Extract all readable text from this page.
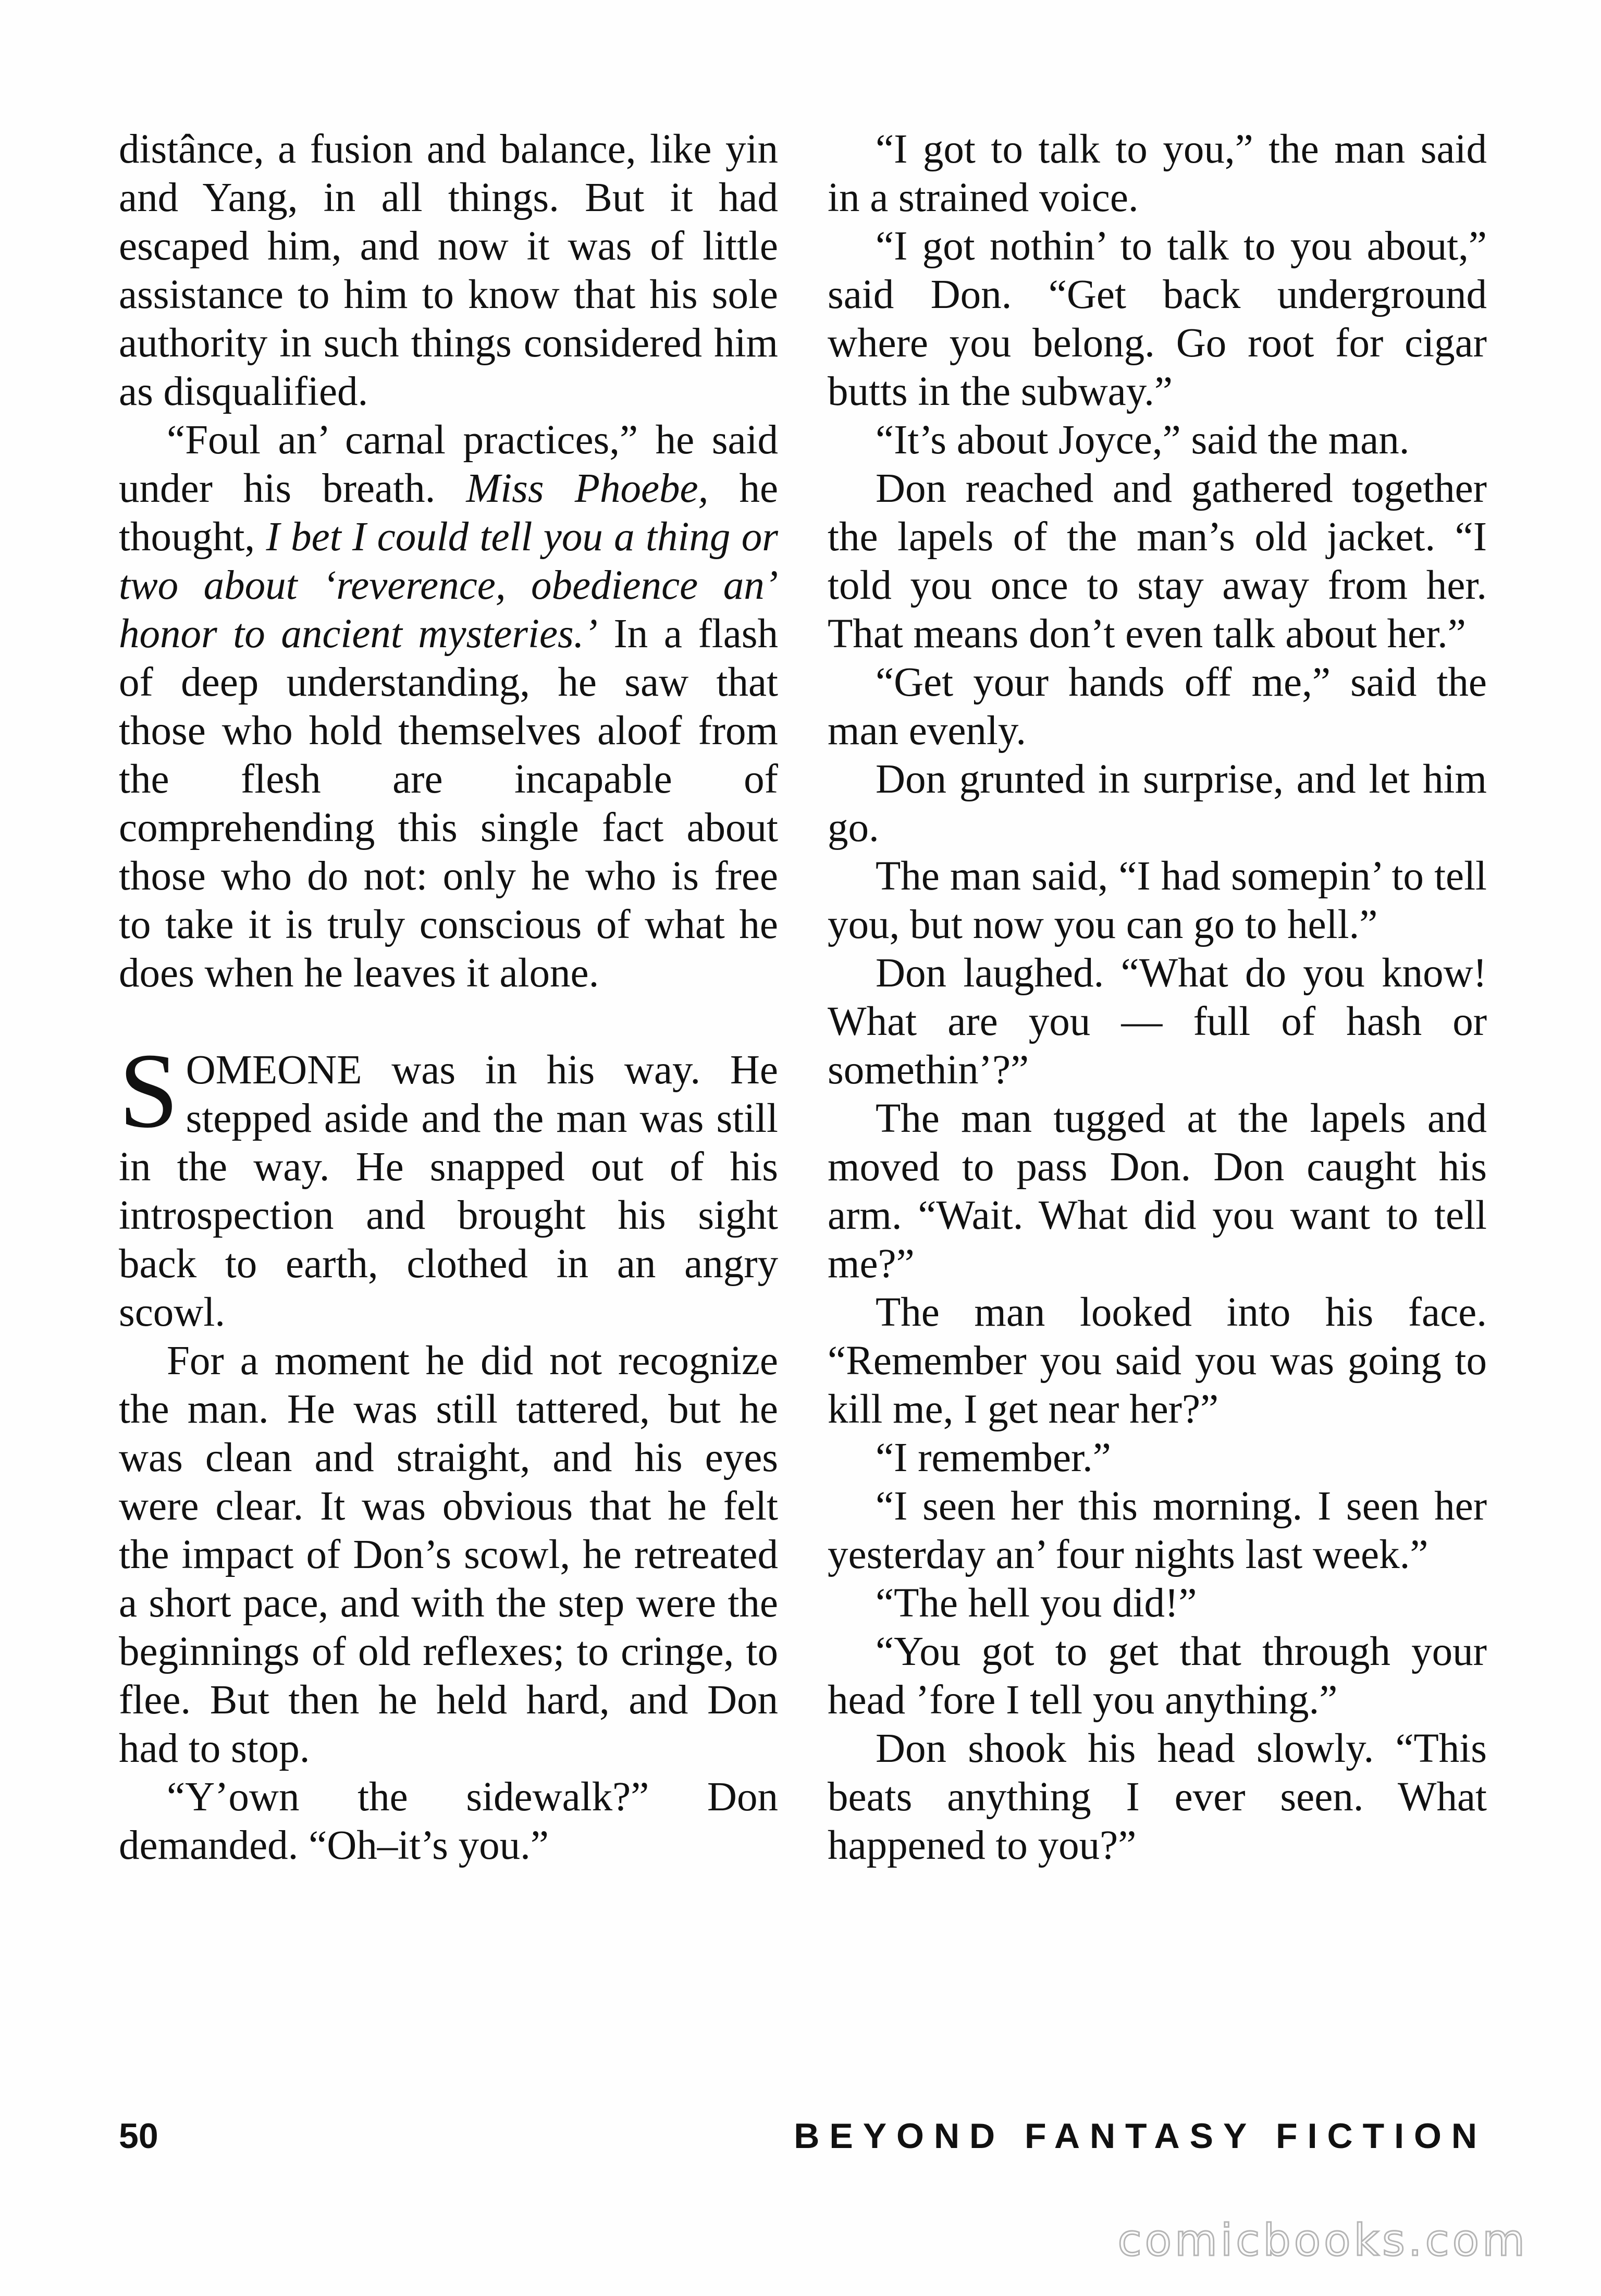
distânce, a fusion and balance, like yin and Yang, in all things. But it had escaped him, and now it was of little assistance to him to know that his sole authority in such things considered him as disqualified.

“Foul an’ carnal practices,” he said under his breath. Miss Phoebe, he thought, I bet I could tell you a thing or two about ‘reverence, obedience an’ honor to ancient mysteries.’ In a flash of deep understanding, he saw that those who hold themselves aloof from the flesh are incapable of comprehending this single fact about those who do not: only he who is free to take it is truly conscious of what he does when he leaves it alone.

SOMEONE was in his way. He stepped aside and the man was still in the way. He snapped out of his introspection and brought his sight back to earth, clothed in an angry scowl.

For a moment he did not recognize the man. He was still tattered, but he was clean and straight, and his eyes were clear. It was obvious that he felt the impact of Don’s scowl, he retreated a short pace, and with the step were the beginnings of old reflexes; to cringe, to flee. But then he held hard, and Don had to stop.

“Y’own the sidewalk?” Don demanded. “Oh–it’s you.”

“I got to talk to you,” the man said in a strained voice.

“I got nothin’ to talk to you about,” said Don. “Get back underground where you belong. Go root for cigar butts in the subway.”

“It’s about Joyce,” said the man.

Don reached and gathered together the lapels of the man’s old jacket. “I told you once to stay away from her. That means don’t even talk about her.”

“Get your hands off me,” said the man evenly.

Don grunted in surprise, and let him go.

The man said, “I had somepin’ to tell you, but now you can go to hell.”

Don laughed. “What do you know! What are you — full of hash or somethin’?”

The man tugged at the lapels and moved to pass Don. Don caught his arm. “Wait. What did you want to tell me?”

The man looked into his face. “Remember you said you was going to kill me, I get near her?”

“I remember.”

“I seen her this morning. I seen her yesterday an’ four nights last week.”

“The hell you did!”

“You got to get that through your head ’fore I tell you anything.”

Don shook his head slowly. “This beats anything I ever seen. What happened to you?”

50	BEYOND FANTASY FICTION
comicbooks.com
